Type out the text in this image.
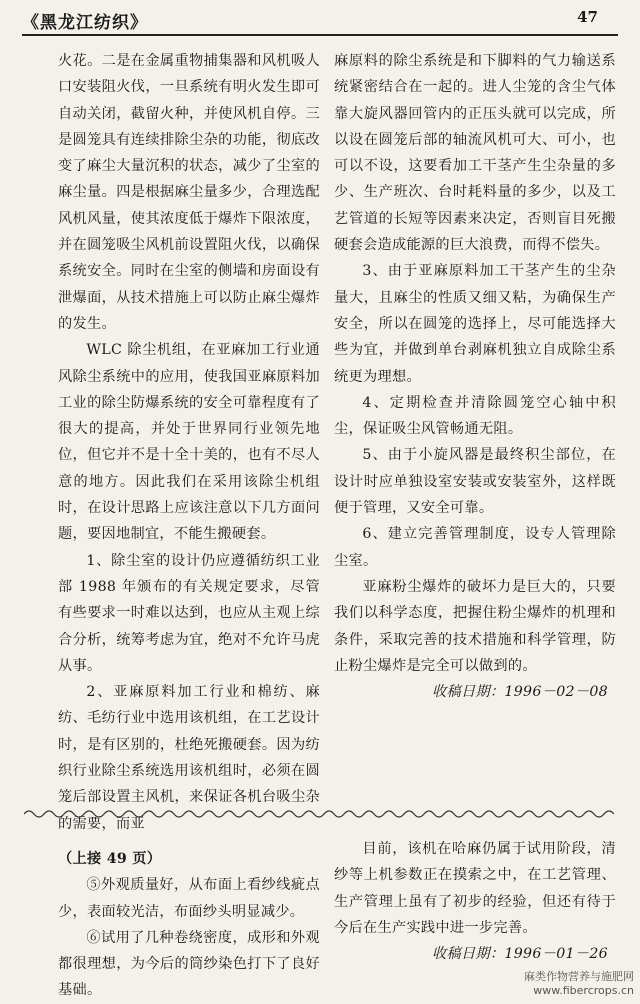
《黑龙江纺织》	47

火花。二是在金属重物捕集器和风机吸人口安装阻火伐，一旦系统有明火发生即可自动关闭，截留火种，并使风机自停。三是圆笼具有连续排除尘杂的功能，彻底改变了麻尘大量沉积的状态，减少了尘室的麻尘量。四是根据麻尘量多少，合理选配风机风量，使其浓度低于爆炸下限浓度，并在圆笼吸尘风机前设置阻火伐，以确保系统安全。同时在尘室的侧墙和房面设有泄爆面，从技术措施上可以防止麻尘爆炸的发生。

WLC 除尘机组，在亚麻加工行业通风除尘系统中的应用，使我国亚麻原料加工业的除尘防爆系统的安全可靠程度有了很大的提高，并处于世界同行业领先地位，但它并不是十全十美的，也有不尽人意的地方。因此我们在采用该除尘机组时，在设计思路上应该注意以下几方面问题，要因地制宜，不能生搬硬套。

1、除尘室的设计仍应遵循纺织工业部 1988 年颁布的有关规定要求，尽管有些要求一时难以达到，也应从主观上综合分析，统筹考虑为宜，绝对不允许马虎从事。

2、亚麻原料加工行业和棉纺、麻纺、毛纺行业中选用该机组，在工艺设计时，是有区别的，杜绝死搬硬套。因为纺织行业除尘系统选用该机组时，必须在圆笼后部设置主风机，来保证各机台吸尘杂的需要，而亚

麻原料的除尘系统是和下脚料的气力输送系统紧密结合在一起的。进人尘笼的含尘气体靠大旋风器回管内的正压头就可以完成，所以设在圆笼后部的轴流风机可大、可小，也可以不设，这要看加工干茎产生尘杂量的多少、生产班次、台时耗料量的多少，以及工艺管道的长短等因素来决定，否则盲目死搬硬套会造成能源的巨大浪费，而得不偿失。

3、由于亚麻原料加工干茎产生的尘杂量大，且麻尘的性质又细又粘，为确保生产安全，所以在圆笼的选择上，尽可能选择大些为宜，并做到单台剥麻机独立自成除尘系统更为理想。

4、定期检查并清除圆笼空心轴中积尘，保证吸尘风管畅通无阻。

5、由于小旋风器是最终积尘部位，在设计时应单独设室安装或安装室外，这样既便于管理，又安全可靠。

6、建立完善管理制度，设专人管理除尘室。

亚麻粉尘爆炸的破坏力是巨大的，只要我们以科学态度，把握住粉尘爆炸的机理和条件，采取完善的技术措施和科学管理，防止粉尘爆炸是完全可以做到的。

收稿日期：1996－02－08

（上接 49 页）

⑤外观质量好，从布面上看纱线疵点少，表面较光洁，布面纱头明显减少。

⑥试用了几种卷绕密度，成形和外观都很理想，为今后的筒纱染色打下了良好基础。

目前，该机在哈麻仍属于试用阶段，清纱等上机参数正在摸索之中，在工艺管理、生产管理上虽有了初步的经验，但还有待于今后在生产实践中进一步完善。

收稿日期：1996－01－26

麻类作物营养与施肥网
www.fibercrops.cn
